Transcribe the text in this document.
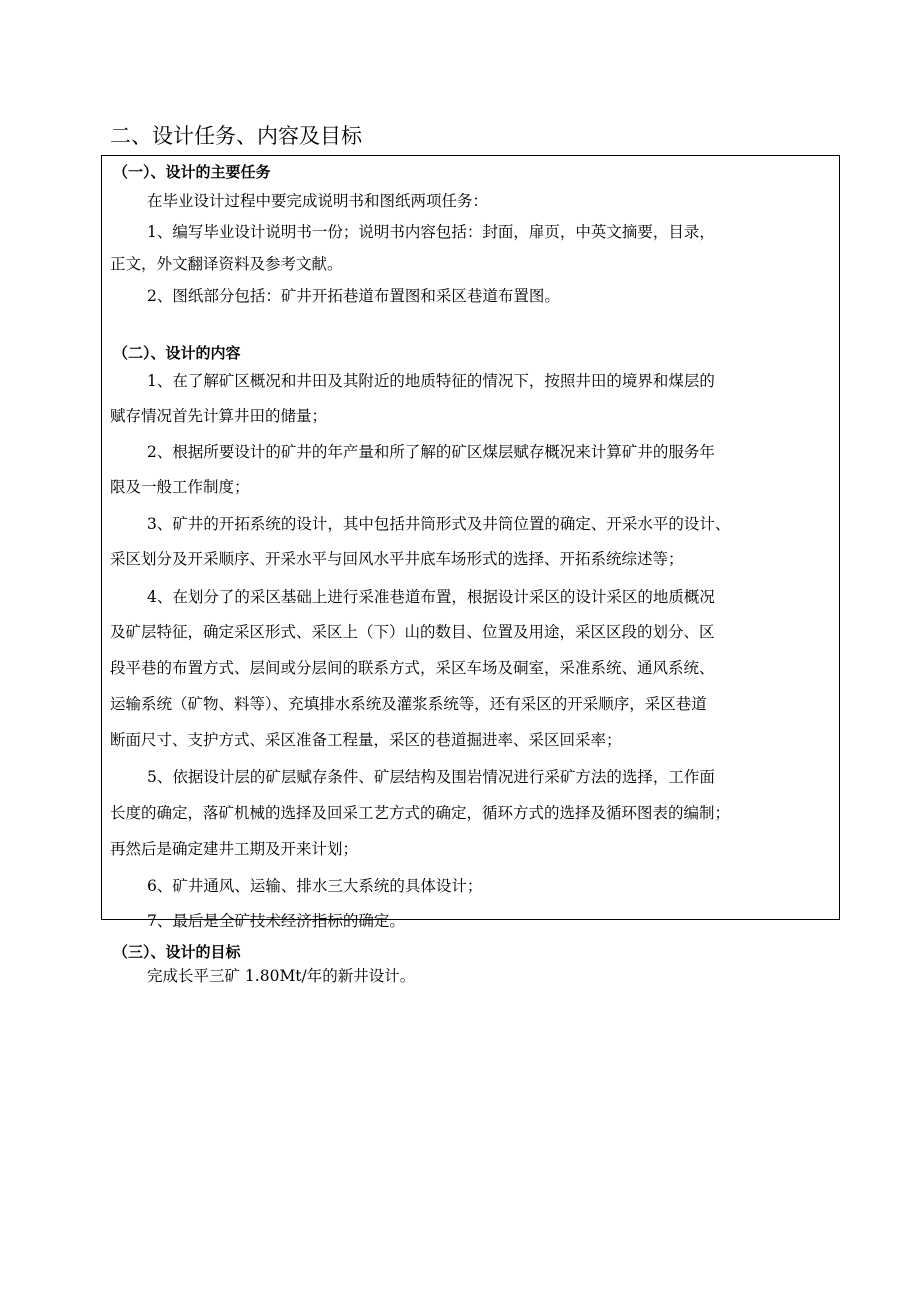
二、设计任务、内容及目标
（一）、设计的主要任务
在毕业设计过程中要完成说明书和图纸两项任务：
1、编写毕业设计说明书一份；说明书内容包括：封面，扉页，中英文摘要，目录，
正文，外文翻译资料及参考文献。
2、图纸部分包括：矿井开拓巷道布置图和采区巷道布置图。
（二）、设计的内容
1、在了解矿区概况和井田及其附近的地质特征的情况下，按照井田的境界和煤层的
赋存情况首先计算井田的储量；
2、根据所要设计的矿井的年产量和所了解的矿区煤层赋存概况来计算矿井的服务年
限及一般工作制度；
3、矿井的开拓系统的设计，其中包括井筒形式及井筒位置的确定、开采水平的设计、
采区划分及开采顺序、开采水平与回风水平井底车场形式的选择、开拓系统综述等；
4、在划分了的采区基础上进行采准巷道布置，根据设计采区的设计采区的地质概况
及矿层特征，确定采区形式、采区上（下）山的数目、位置及用途，采区区段的划分、区
段平巷的布置方式、层间或分层间的联系方式，采区车场及硐室，采准系统、通风系统、
运输系统（矿物、料等）、充填排水系统及灌浆系统等，还有采区的开采顺序，采区巷道
断面尺寸、支护方式、采区准备工程量，采区的巷道掘进率、采区回采率；
5、依据设计层的矿层赋存条件、矿层结构及围岩情况进行采矿方法的选择，工作面
长度的确定，落矿机械的选择及回采工艺方式的确定，循环方式的选择及循环图表的编制；
再然后是确定建井工期及开来计划；
6、矿井通风、运输、排水三大系统的具体设计；
7、最后是全矿技术经济指标的确定。
（三）、设计的目标
完成长平三矿 1.80Mt/年的新井设计。
